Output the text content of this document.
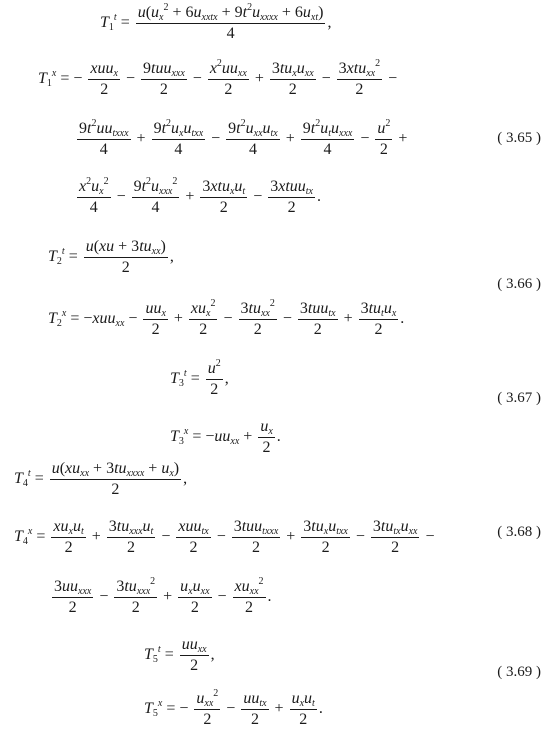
$T_1^t$ =
$u(u_x^2 + 6u_{xxtx} + 9t^2u_{xxxx} + 6u_{xt})$
4
,
$T_1^x$ = −
xuu$_x$
2
−
9tuu$_{xxx}$
2
−
$x^2uu_{xx}$
2
+
$3tu_xu_{xx}$
2
−
3xtu$_{xx}^2$
2
−
$9t^2uu_{txxx}$
4
+
$9t^2u_xu_{txx}$
4
−
$9t^2u_{xx}u_{tx}$
4
+
$9t^2u_tu_{xxx}$
4
− $\frac{u^2}{2}$ +	( 3.65 )
$\frac{x^2u_x^2}{4}$ −
$9t^2u_{xxx}^2$
4
+
$3xtu_xu_t$
2
−
3xtuu$_{tx}$
2
.
$T_2^t$ =
$u(xu + 3tu_{xx})$
2
,
( 3.66 )
$T_2^x = -xuu_{xx}$ −
$uu_x$
2
+
$xu_x^2$
2
−
$3tu_{xx}^2$
2
−
3tuu$_{tx}$
2
+
$3tu_tu_x$
2
.
$T_3^t = \frac{u^2}{2}$ ,
( 3.67 )
$T_3^x = -uu_{xx} + \frac{u_x}{2}$ .
$T_4^t$ =
$u(xu_{xx} + 3tu_{xxxx} + u_x)$
2
,
$T_4^x$ =
$xu_xu_t$
2
+
$3tu_{xxx}u_t$
2
−
xuu$_{tx}$
2
−
3tuu$_{txxx}$
2
+
$3tu_xu_{txx}$
2
−
$3tu_{tx}u_{xx}$
2
−	( 3.68 )
$3uu_{xxx}$
2
−
$3tu_{xxx}^2$
2
+
$u_xu_{xx}$
2
−
$xu_{xx}^2$
2
.
$T_5^t$ =
$uu_{xx}$
2
,
( 3.69 )
$T_5^x$ = −
$u_{xx}^2$
2
−
$uu_{tx}$
2
+
$u_xu_t$
2
.
